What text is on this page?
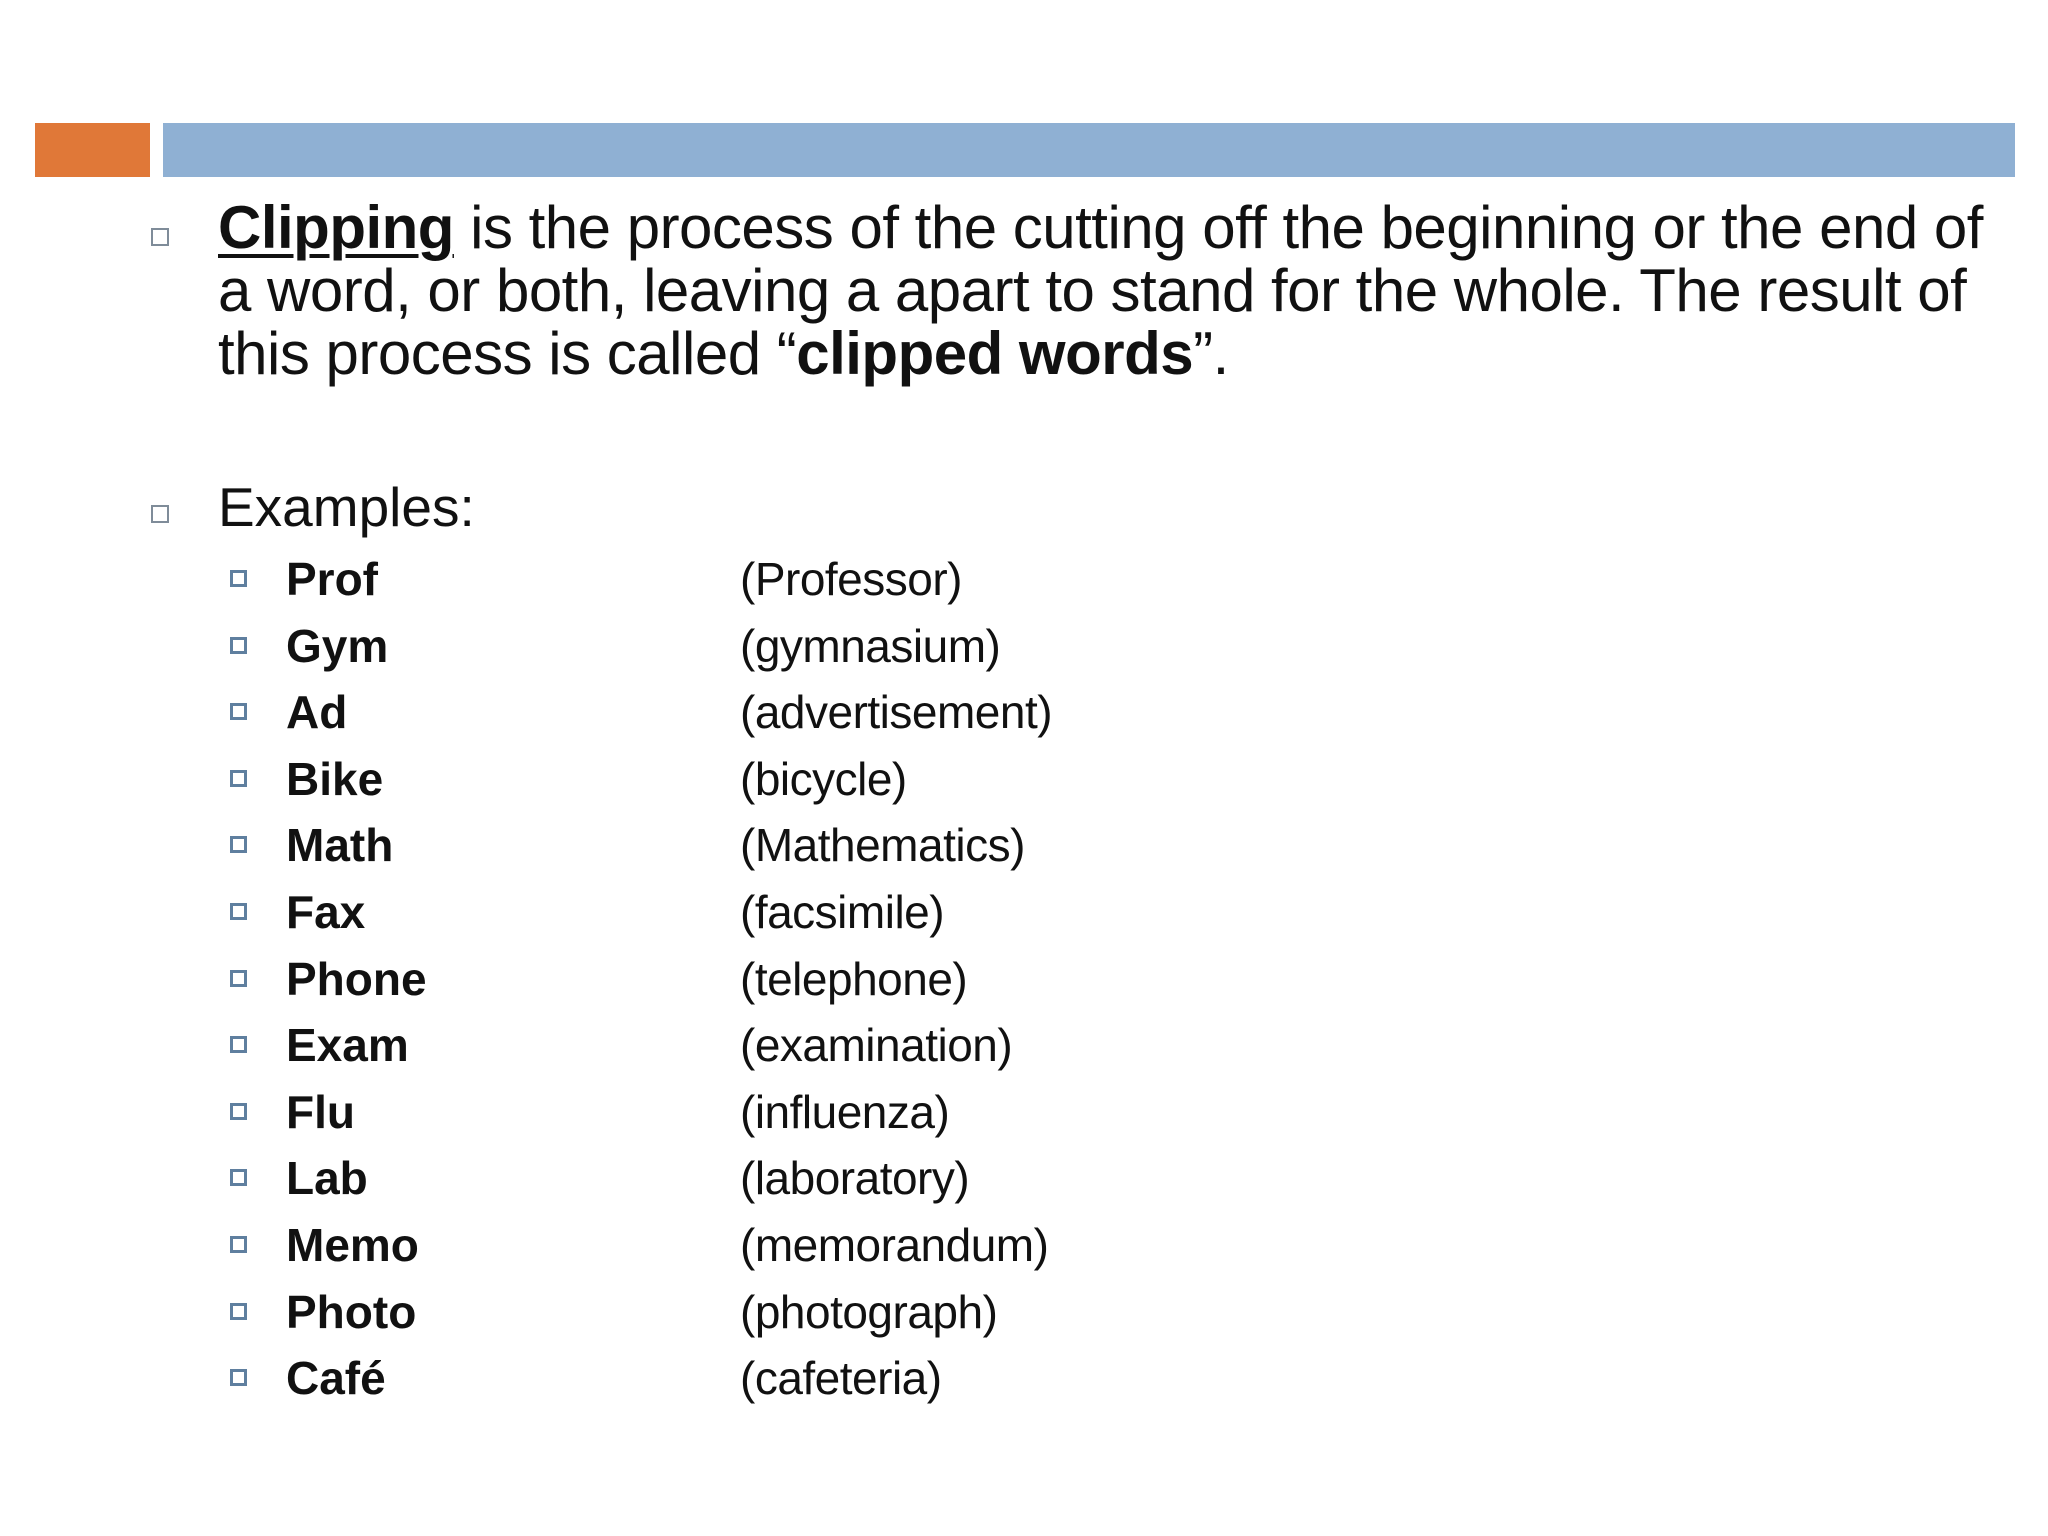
Clipping is the process of the cutting off the beginning or the end of a word, or both, leaving a apart to stand for the whole. The result of this process is called “clipped words”.

Examples:

Prof	(Professor)
Gym	(gymnasium)
Ad	(advertisement)
Bike	(bicycle)
Math	(Mathematics)
Fax	(facsimile)
Phone	(telephone)
Exam	(examination)
Flu	(influenza)
Lab	(laboratory)
Memo	(memorandum)
Photo	(photograph)
Café	(cafeteria)
